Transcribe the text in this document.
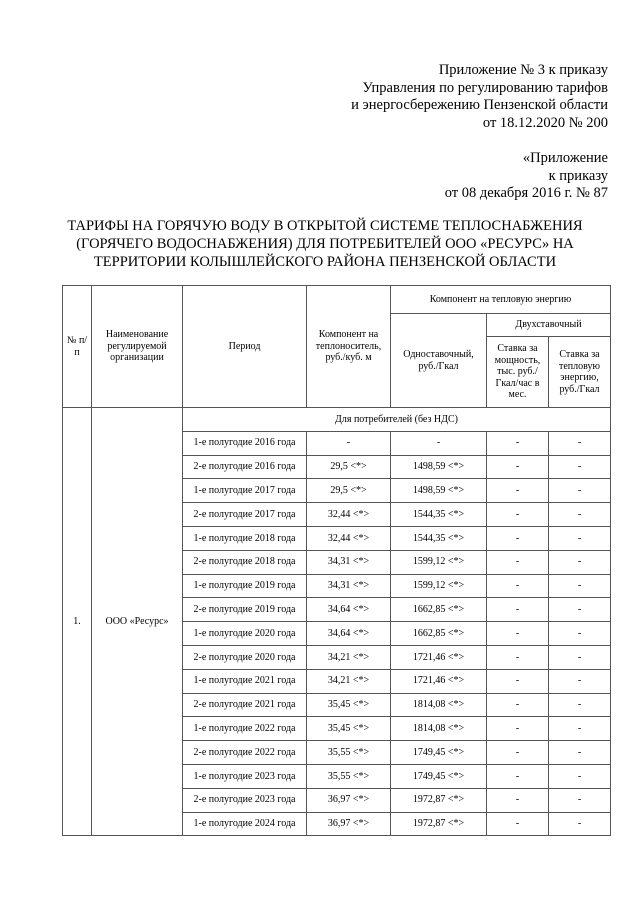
Приложение № 3 к приказу
Управления по регулированию тарифов
и энергосбережению Пензенской области
от 18.12.2020 № 200
«Приложение
к приказу
от 08 декабря 2016 г. № 87
ТАРИФЫ НА ГОРЯЧУЮ ВОДУ В ОТКРЫТОЙ СИСТЕМЕ ТЕПЛОСНАБЖЕНИЯ
(ГОРЯЧЕГО ВОДОСНАБЖЕНИЯ) ДЛЯ ПОТРЕБИТЕЛЕЙ ООО «РЕСУРС» НА
ТЕРРИТОРИИ КОЛЫШЛЕЙСКОГО РАЙОНА ПЕНЗЕНСКОЙ ОБЛАСТИ
№ п/п	Наименование регулируемой организации	Период	Компонент на теплоноситель, руб./куб. м	Компонент на тепловую энергию		
				Одноставочный, руб./Гкал	Двухставочный	
					Ставка за мощность, тыс. руб./Гкал/час в мес.	Ставка за тепловую энергию, руб./Гкал
1.	ООО «Ресурс»	Для потребителей (без НДС)				
		1-е полугодие 2016 года	-	-	-	-
		2-е полугодие 2016 года	29,5 <*>	1498,59 <*>	-	-
		1-е полугодие 2017 года	29,5 <*>	1498,59 <*>	-	-
		2-е полугодие 2017 года	32,44 <*>	1544,35 <*>	-	-
		1-е полугодие 2018 года	32,44 <*>	1544,35 <*>	-	-
		2-е полугодие 2018 года	34,31 <*>	1599,12 <*>	-	-
		1-е полугодие 2019 года	34,31 <*>	1599,12 <*>	-	-
		2-е полугодие 2019 года	34,64 <*>	1662,85 <*>	-	-
		1-е полугодие 2020 года	34,64 <*>	1662,85 <*>	-	-
		2-е полугодие 2020 года	34,21 <*>	1721,46 <*>	-	-
		1-е полугодие 2021 года	34,21 <*>	1721,46 <*>	-	-
		2-е полугодие 2021 года	35,45 <*>	1814,08 <*>	-	-
		1-е полугодие 2022 года	35,45 <*>	1814,08 <*>	-	-
		2-е полугодие 2022 года	35,55 <*>	1749,45 <*>	-	-
		1-е полугодие 2023 года	35,55 <*>	1749,45 <*>	-	-
		2-е полугодие 2023 года	36,97 <*>	1972,87 <*>	-	-
		1-е полугодие 2024 года	36,97 <*>	1972,87 <*>	-	-
